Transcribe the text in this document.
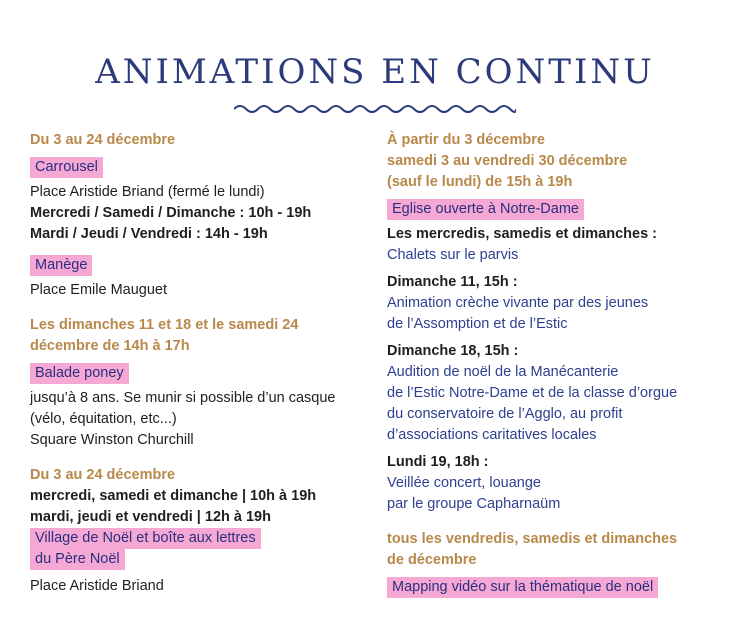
ANIMATIONS EN CONTINU
Du 3 au 24 décembre
Carrousel
Place Aristide Briand (fermé le lundi)
Mercredi / Samedi / Dimanche : 10h - 19h
Mardi / Jeudi / Vendredi : 14h - 19h
Manège
Place Emile Mauguet
Les dimanches 11 et 18 et le samedi 24
décembre de 14h à 17h
Balade poney
jusqu’à 8 ans. Se munir si possible d’un casque
(vélo, équitation, etc...)
Square Winston Churchill
Du 3 au 24 décembre
mercredi, samedi et dimanche | 10h à 19h
mardi, jeudi et vendredi | 12h à 19h
Village de Noël et boîte aux lettres
du Père Noël
Place Aristide Briand
À partir du 3 décembre
samedi 3 au vendredi 30 décembre
(sauf le lundi) de 15h à 19h
Eglise ouverte à Notre-Dame
Les mercredis, samedis et dimanches :
Chalets sur le parvis
Dimanche 11, 15h :
Animation crèche vivante par des jeunes
de l’Assomption et de l’Estic
Dimanche 18, 15h :
Audition de noël de la Manécanterie
de l’Estic Notre-Dame et de la classe d’orgue
du conservatoire de l’Agglo, au profit
d’associations caritatives locales
Lundi 19, 18h :
Veillée concert, louange
par le groupe Capharnaüm
tous les vendredis, samedis et dimanches
de décembre
Mapping vidéo sur la thématique de noël
